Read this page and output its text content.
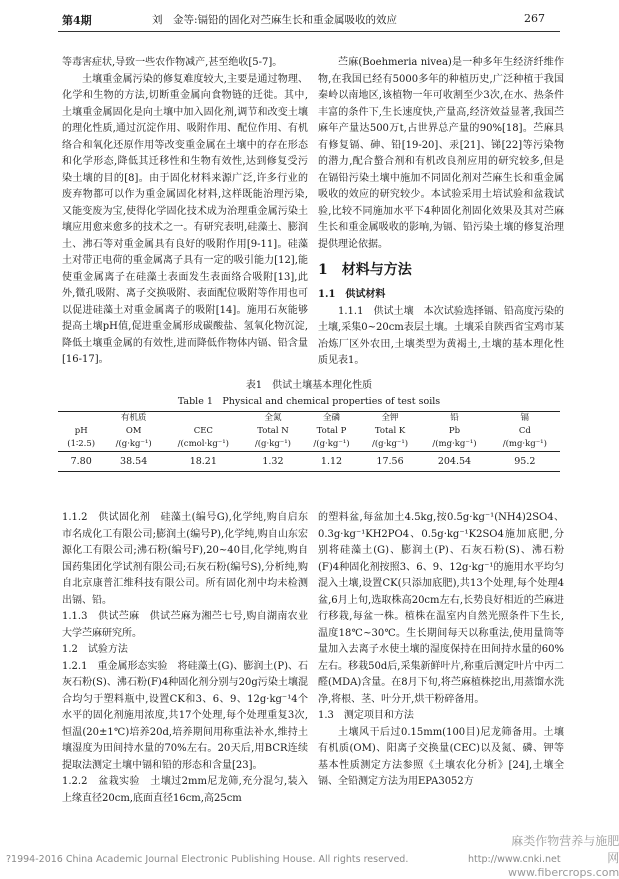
第4期	刘　金等:镉铅的固化对苎麻生长和重金属吸收的效应	267

等毒害症状,导致一些农作物减产,甚至绝收[5-7]。

土壤重金属污染的修复难度较大,主要是通过物理、化学和生物的方法,切断重金属向食物链的迁徙。其中,土壤重金属固化是向土壤中加入固化剂,调节和改变土壤的理化性质,通过沉淀作用、吸附作用、配位作用、有机络合和氧化还原作用等改变重金属在土壤中的存在形态和化学形态,降低其迁移性和生物有效性,达到修复受污染土壤的目的[8]。由于固化材料来源广泛,许多行业的废弃物都可以作为重金属固化材料,这样既能治理污染,又能变废为宝,使得化学固化技术成为治理重金属污染土壤应用愈来愈多的技术之一。有研究表明,硅藻土、膨润土、沸石等对重金属具有良好的吸附作用[9-11]。硅藻土对带正电荷的重金属离子具有一定的吸引能力[12],能使重金属离子在硅藻土表面发生表面络合吸附[13],此外,微孔吸附、离子交换吸附、表面配位吸附等作用也可以促进硅藻土对重金属离子的吸附[14]。施用石灰能够提高土壤pH值,促进重金属形成碳酸盐、氢氧化物沉淀,降低土壤重金属的有效性,进而降低作物体内镉、铅含量[16-17]。

苎麻(Boehmeria nivea)是一种多年生经济纤维作物,在我国已经有5000多年的种植历史,广泛种植于我国秦岭以南地区,该植物一年可收割至少3次,在水、热条件丰富的条件下,生长速度快,产量高,经济效益显著,我国苎麻年产量达500万t,占世界总产量的90%[18]。苎麻具有修复镉、砷、铅[19-20]、汞[21]、锑[22]等污染物的潜力,配合螯合剂和有机改良剂应用的研究较多,但是在镉铅污染土壤中施加不同固化剂对苎麻生长和重金属吸收的效应的研究较少。本试验采用土培试验和盆栽试验,比较不同施加水平下4种固化剂固化效果及其对苎麻生长和重金属吸收的影响,为镉、铅污染土壤的修复治理提供理论依据。

1　材料与方法

1.1　供试材料

1.1.1　供试土壤　本次试验选择镉、铅高度污染的土壤,采集0~20cm表层土壤。土壤采自陕西省宝鸡市某冶炼厂区外农田,土壤类型为黄褐土,土壤的基本理化性质见表1。

表1　供试土壤基本理化性质
Table 1　Physical and chemical properties of test soils
	有机质		全氮	全磷	全钾	铅	镉
pH	OM	CEC	Total N	Total P	Total K	Pb	Cd
(1∶2.5)	/(g·kg⁻¹)	/(cmol·kg⁻¹)	/(g·kg⁻¹)	/(g·kg⁻¹)	/(g·kg⁻¹)	/(mg·kg⁻¹)	/(mg·kg⁻¹)
7.80	38.54	18.21	1.32	1.12	17.56	204.54	95.2

1.1.2　供试固化剂　硅藻土(编号G),化学纯,购自启东市名成化工有限公司;膨润土(编号P),化学纯,购自山东宏源化工有限公司;沸石粉(编号F),20~40目,化学纯,购自国药集团化学试剂有限公司;石灰石粉(编号S),分析纯,购自北京康普汇维科技有限公司。所有固化剂中均未检测出镉、铅。

1.1.3　供试苎麻　供试苎麻为湘苎七号,购自湖南农业大学苎麻研究所。

1.2　试验方法

1.2.1　重金属形态实验　将硅藻土(G)、膨润土(P)、石灰石粉(S)、沸石粉(F)4种固化剂分别与20g污染土壤混合均匀于塑料瓶中,设置CK和3、6、9、12g·kg⁻¹4个水平的固化剂施用浓度,共17个处理,每个处理重复3次,恒温(20±1℃)培养20d,培养期间用称重法补水,维持土壤湿度为田间持水量的70%左右。20天后,用BCR连续提取法测定土壤中镉和铅的形态和含量[23]。

1.2.2　盆栽实验　土壤过2mm尼龙筛,充分混匀,装入上缘直径20cm,底面直径16cm,高25cm

的塑料盆,每盆加土4.5kg,按0.5g·kg⁻¹(NH4)2SO4、0.3g·kg⁻¹KH2PO4、0.5g·kg⁻¹K2SO4施加底肥,分别将硅藻土(G)、膨润土(P)、石灰石粉(S)、沸石粉(F)4种固化剂按照3、6、9、12g·kg⁻¹的施用水平均匀混入土壤,设置CK(只添加底肥),共13个处理,每个处理4盆,6月上旬,选取株高20cm左右,长势良好相近的苎麻进行移栽,每盆一株。植株在温室内自然光照条件下生长,温度18℃~30℃。生长期间每天以称重法,使用量筒等量加入去离子水使土壤的湿度保持在田间持水量的60%左右。移栽50d后,采集新鲜叶片,称重后测定叶片中丙二醛(MDA)含量。在8月下旬,将苎麻植株挖出,用蒸馏水洗净,将根、茎、叶分开,烘干粉碎备用。

1.3　测定项目和方法

土壤风干后过0.15mm(100目)尼龙筛备用。土壤有机质(OM)、阳离子交换量(CEC)以及氮、磷、钾等基本性质测定方法参照《土壤农化分析》[24],土壤全镉、全铅测定方法为用EPA3052方

麻类作物营养与施肥网
www.fibercrops.com
?1994-2016 China Academic Journal Electronic Publishing House. All rights reserved.	http://www.cnki.net
